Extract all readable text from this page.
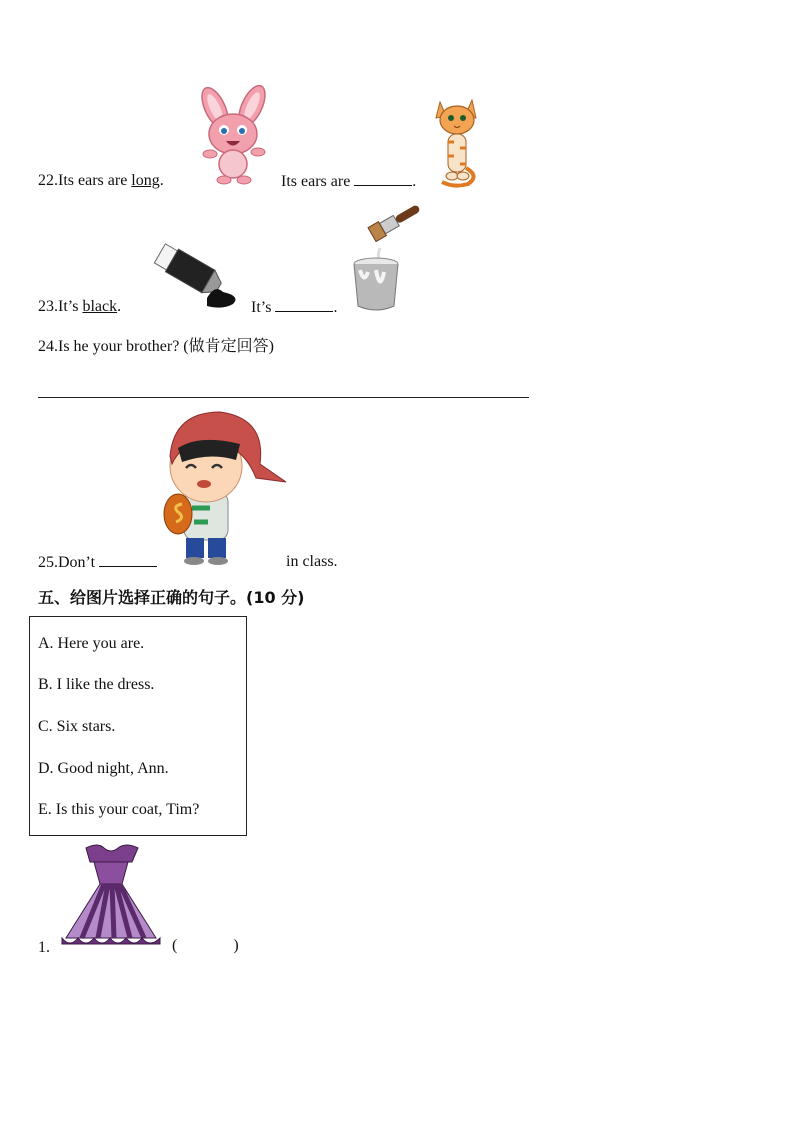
22.Its ears are long.	Its ears are	.
23.It’s black.	It’s	.
24.Is he your brother? (做肯定回答)
25.Don’t	in class.
五、给图片选择正确的句子。(10 分)
A. Here you are.
B. I like the dress.
C. Six stars.
D. Good night, Ann.
E. Is this your coat, Tim?
1.	(	)
